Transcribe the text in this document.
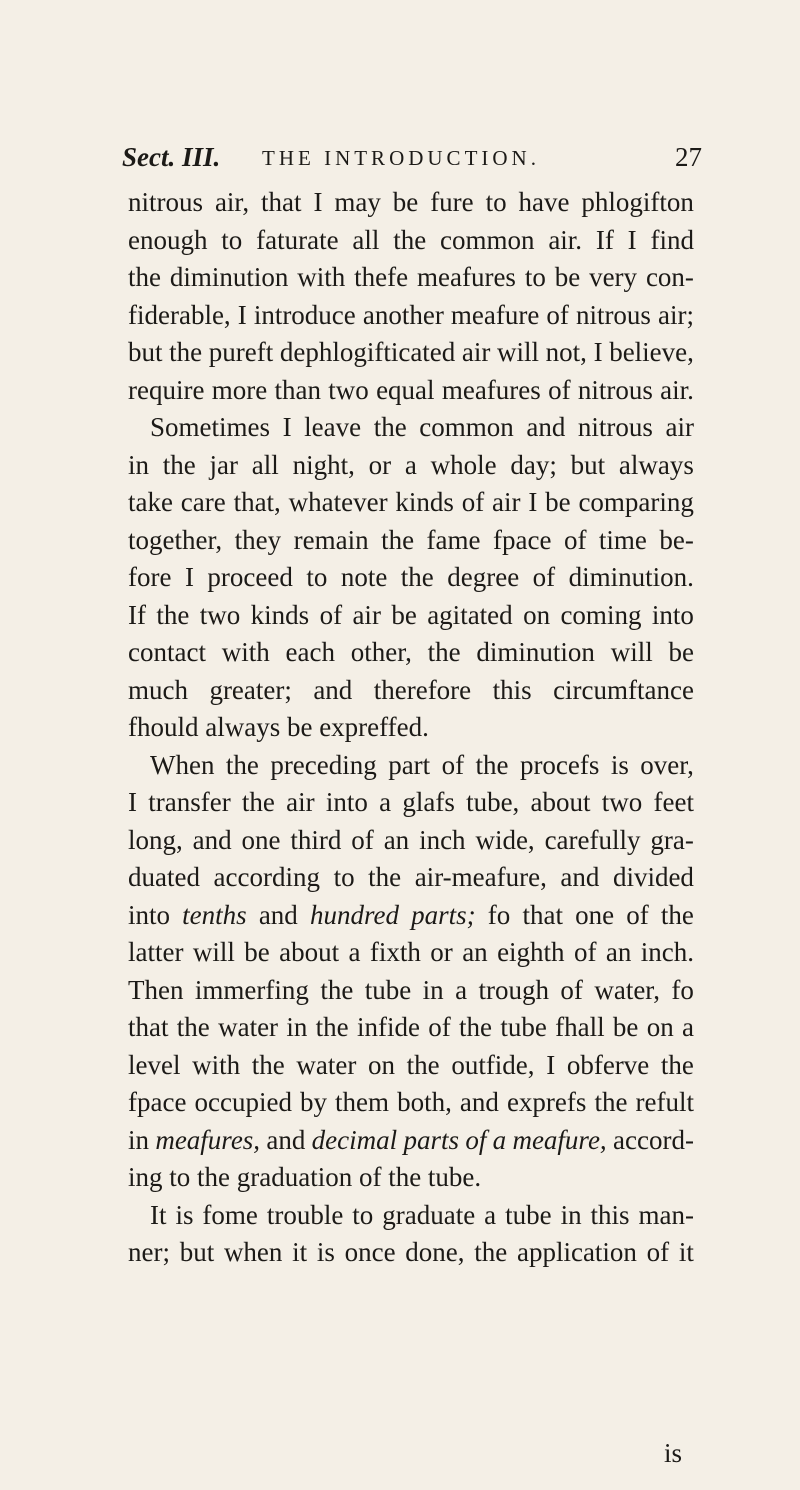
Sect. III. THE INTRODUCTION.	27
nitrous air, that I may be fure to have phlogifton
enough to faturate all the common air. If I find
the diminution with thefe meafures to be very con-
fiderable, I introduce another meafure of nitrous air;
but the pureft dephlogifticated air will not, I believe,
require more than two equal meafures of nitrous air.
Sometimes I leave the common and nitrous air
in the jar all night, or a whole day; but always
take care that, whatever kinds of air I be comparing
together, they remain the fame fpace of time be-
fore I proceed to note the degree of diminution.
If the two kinds of air be agitated on coming into
contact with each other, the diminution will be
much greater; and therefore this circumftance
fhould always be expreffed.
When the preceding part of the procefs is over,
I transfer the air into a glafs tube, about two feet
long, and one third of an inch wide, carefully gra-
duated according to the air-meafure, and divided
into tenths and hundred parts; fo that one of the
latter will be about a fixth or an eighth of an inch.
Then immerfing the tube in a trough of water, fo
that the water in the infide of the tube fhall be on a
level with the water on the outfide, I obferve the
fpace occupied by them both, and exprefs the refult
in meafures, and decimal parts of a meafure, accord-
ing to the graduation of the tube.
It is fome trouble to graduate a tube in this man-
ner; but when it is once done, the application of it
is
